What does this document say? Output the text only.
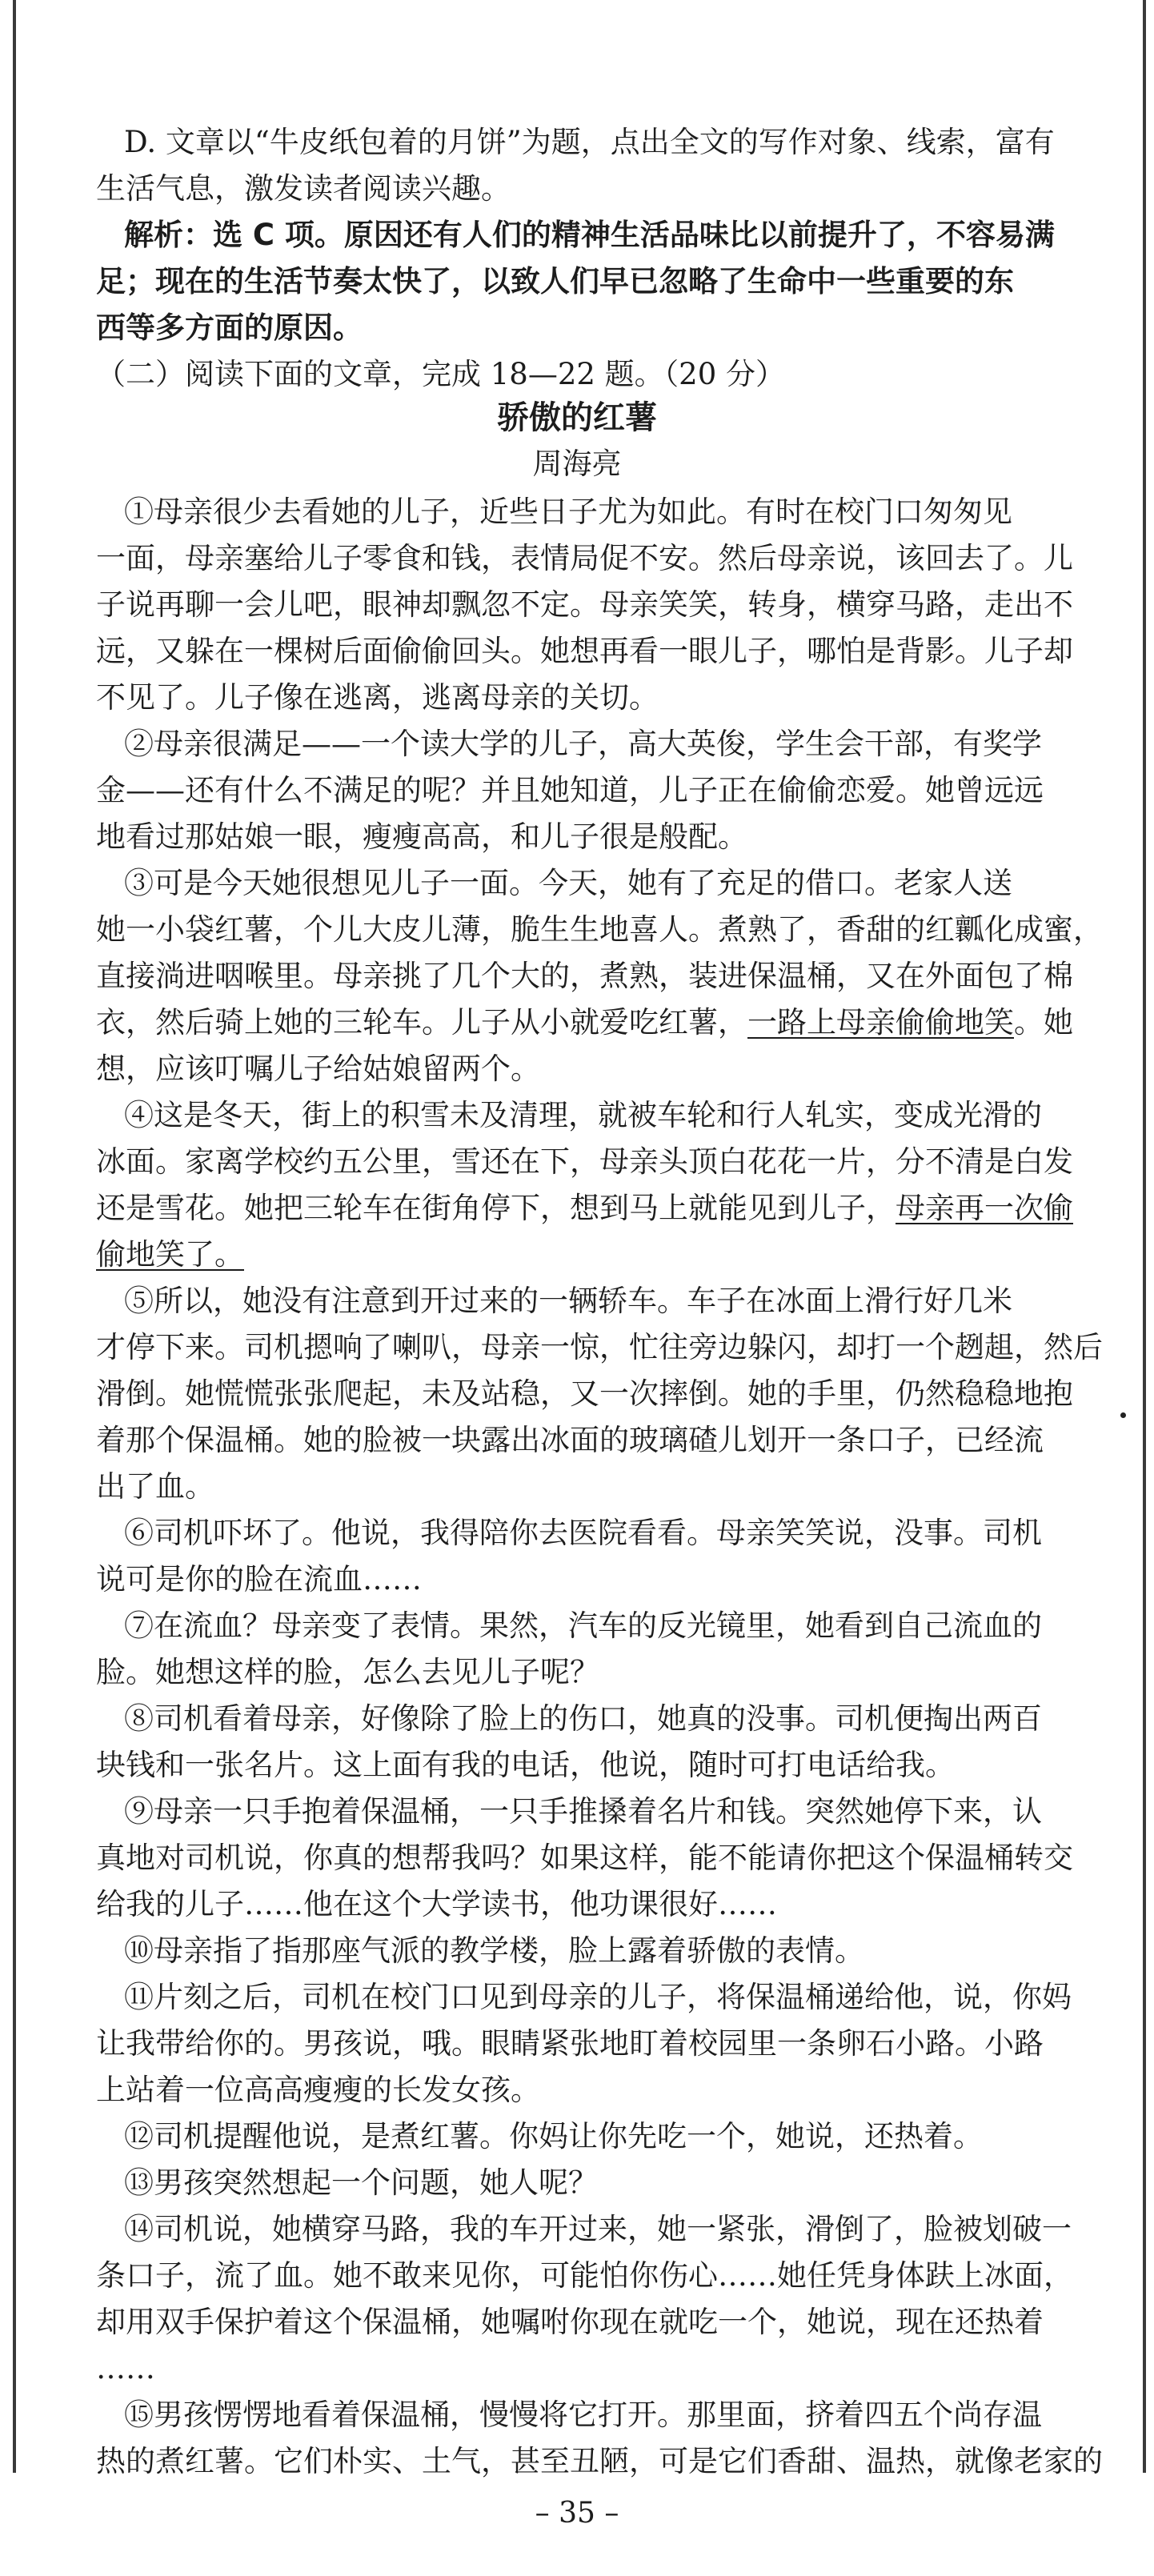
D. 文章以“牛皮纸包着的月饼”为题，点出全文的写作对象、线索，富有
生活气息，激发读者阅读兴趣。
解析：选 C 项。原因还有人们的精神生活品味比以前提升了，不容易满
足；现在的生活节奏太快了，以致人们早已忽略了生命中一些重要的东
西等多方面的原因。
（二）阅读下面的文章，完成 18—22 题。（20 分）
骄傲的红薯
周海亮
①母亲很少去看她的儿子，近些日子尤为如此。有时在校门口匆匆见
一面，母亲塞给儿子零食和钱，表情局促不安。然后母亲说，该回去了。儿
子说再聊一会儿吧，眼神却飘忽不定。母亲笑笑，转身，横穿马路，走出不
远，又躲在一棵树后面偷偷回头。她想再看一眼儿子，哪怕是背影。儿子却
不见了。儿子像在逃离，逃离母亲的关切。
②母亲很满足——一个读大学的儿子，高大英俊，学生会干部，有奖学
金——还有什么不满足的呢？并且她知道，儿子正在偷偷恋爱。她曾远远
地看过那姑娘一眼，瘦瘦高高，和儿子很是般配。
③可是今天她很想见儿子一面。今天，她有了充足的借口。老家人送
她一小袋红薯，个儿大皮儿薄，脆生生地喜人。煮熟了，香甜的红瓤化成蜜，
直接淌进咽喉里。母亲挑了几个大的，煮熟，装进保温桶，又在外面包了棉
衣，然后骑上她的三轮车。儿子从小就爱吃红薯，一路上母亲偷偷地笑。她
想，应该叮嘱儿子给姑娘留两个。
④这是冬天，街上的积雪未及清理，就被车轮和行人轧实，变成光滑的
冰面。家离学校约五公里，雪还在下，母亲头顶白花花一片，分不清是白发
还是雪花。她把三轮车在街角停下，想到马上就能见到儿子，母亲再一次偷
偷地笑了。
⑤所以，她没有注意到开过来的一辆轿车。车子在冰面上滑行好几米
才停下来。司机摁响了喇叭，母亲一惊，忙往旁边躲闪，却打一个趔趄，然后
滑倒。她慌慌张张爬起，未及站稳，又一次摔倒。她的手里，仍然稳稳地抱
着那个保温桶。她的脸被一块露出冰面的玻璃碴儿划开一条口子，已经流
出了血。
⑥司机吓坏了。他说，我得陪你去医院看看。母亲笑笑说，没事。司机
说可是你的脸在流血……
⑦在流血？母亲变了表情。果然，汽车的反光镜里，她看到自己流血的
脸。她想这样的脸，怎么去见儿子呢？
⑧司机看着母亲，好像除了脸上的伤口，她真的没事。司机便掏出两百
块钱和一张名片。这上面有我的电话，他说，随时可打电话给我。
⑨母亲一只手抱着保温桶，一只手推搡着名片和钱。突然她停下来，认
真地对司机说，你真的想帮我吗？如果这样，能不能请你把这个保温桶转交
给我的儿子……他在这个大学读书，他功课很好……
⑩母亲指了指那座气派的教学楼，脸上露着骄傲的表情。
⑪片刻之后，司机在校门口见到母亲的儿子，将保温桶递给他，说，你妈
让我带给你的。男孩说，哦。眼睛紧张地盯着校园里一条卵石小路。小路
上站着一位高高瘦瘦的长发女孩。
⑫司机提醒他说，是煮红薯。你妈让你先吃一个，她说，还热着。
⑬男孩突然想起一个问题，她人呢？
⑭司机说，她横穿马路，我的车开过来，她一紧张，滑倒了，脸被划破一
条口子，流了血。她不敢来见你，可能怕你伤心……她任凭身体趺上冰面，
却用双手保护着这个保温桶，她嘱咐你现在就吃一个，她说，现在还热着
……
⑮男孩愣愣地看着保温桶，慢慢将它打开。那里面，挤着四五个尚存温
热的煮红薯。它们朴实、土气，甚至丑陋，可是它们香甜、温热，就像老家的
– 35 –
